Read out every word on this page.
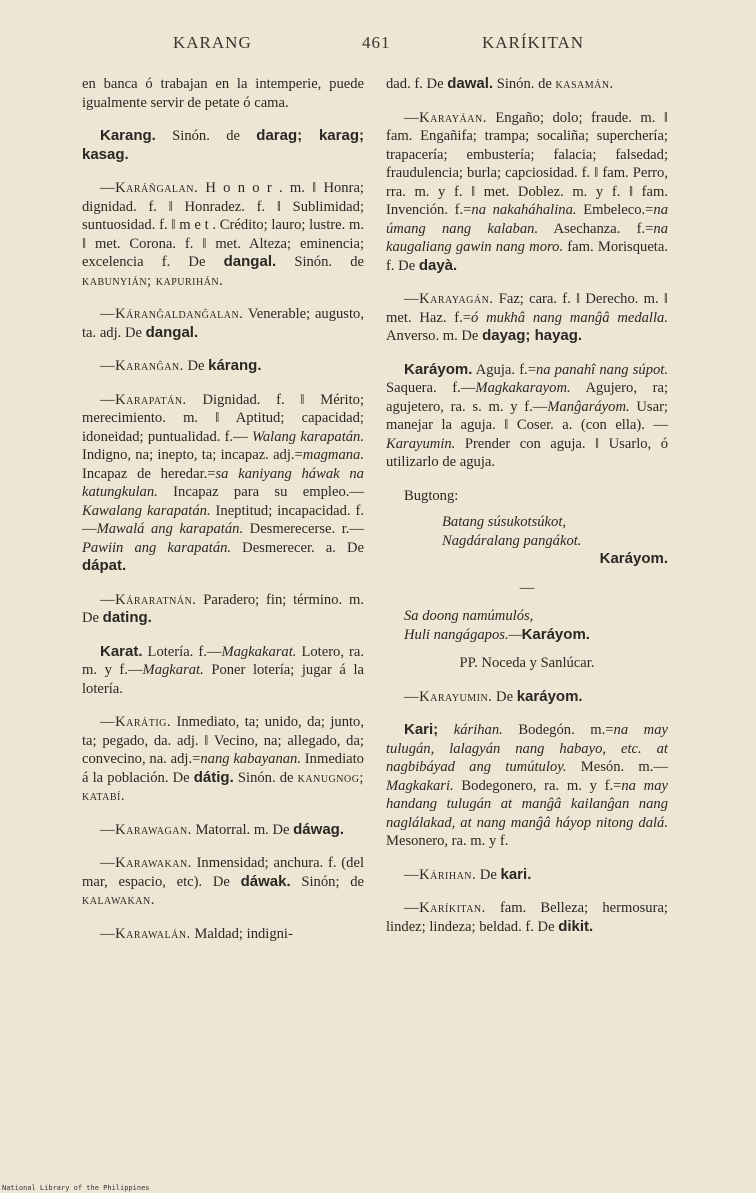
KARANG	461	KARÍKITAN

en banca ó trabajan en la intemperie, puede igualmente servir de petate ó cama.

Karang. Sinón. de darag; karag; kasag.

—Karáñgalan. H o n o r . m. ‖ Honra; dignidad. f. ‖ Honradez. f. ‖ Sublimidad; suntuosidad. f. ‖ m e t . Crédito; lauro; lustre. m. ‖ met. Corona. f. ‖ met. Alteza; eminencia; excelencia f. De dangal. Sinón. de kabunyián; kapurihán.

—Káranĝaldanĝalan. Venerable; augusto, ta. adj. De dangal.

—Karanĝan. De kárang.

—Karapatán. Dignidad. f. ‖ Mérito; merecimiento. m. ‖ Aptitud; capacidad; idoneidad; puntualidad. f.— Walang karapatán. Indigno, na; inepto, ta; incapaz. adj.=magmana. Incapaz de heredar.=sa kaniyang háwak na katungkulan. Incapaz para su empleo.—Kawalang karapatán. Ineptitud; incapacidad. f.—Mawalá ang karapatán. Desmerecerse. r.—Pawiin ang karapatán. Desmerecer. a. De dápat.

—Káraratnán. Paradero; fin; término. m. De dating.

Karat. Lotería. f.—Magkakarat. Lotero, ra. m. y f.—Magkarat. Poner lotería; jugar á la lotería.

—Karátig. Inmediato, ta; unido, da; junto, ta; pegado, da. adj. ‖ Vecino, na; allegado, da; convecino, na. adj.=nang kabayanan. Inmediato á la población. De dátig. Sinón. de kanugnog; katabí.

—Karawagan. Matorral. m. De dáwag.

—Karawakan. Inmensidad; anchura. f. (del mar, espacio, etc). De dáwak. Sinón; de kalawakan.

—Karawalán. Maldad; indigni-

dad. f. De dawal. Sinón. de kasamán.

—Karayáan. Engaño; dolo; fraude. m. ‖ fam. Engañifa; trampa; socaliña; superchería; trapacería; embustería; falacia; falsedad; fraudulencia; burla; capciosidad. f. ‖ fam. Perro, rra. m. y f. ‖ met. Doblez. m. y f. ‖ fam. Invención. f.=na nakaháhalina. Embeleco.=na úmang nang kalaban. Asechanza. f.=na kaugaliang gawin nang moro. fam. Morisqueta. f. De dayà.

—Karayagán. Faz; cara. f. ‖ Derecho. m. ‖ met. Haz. f.=ó mukhâ nang manĝâ medalla. Anverso. m. De dayag; hayag.

Karáyom. Aguja. f.=na panahî nang súpot. Saquera. f.—Magkakarayom. Agujero, ra; agujetero, ra. s. m. y f.—Manĝaráyom. Usar; manejar la aguja. ‖ Coser. a. (con ella). —Karayumin. Prender con aguja. ‖ Usarlo, ó utilizarlo de aguja.

Bugtong:

Batang súsukotsúkot,
Nagdáralang pangákot.
Karáyom.
—
Sa doong namúmulós,
Huli nangágapos.—Karáyom.

PP. Noceda y Sanlúcar.

—Karayumin. De karáyom.

Kari; kárihan. Bodegón. m.=na may tulugán, lalagyán nang habayo, etc. at nagbibáyad ang tumútuloy. Mesón. m.—Magkakari. Bodegonero, ra. m. y f.=na may handang tulugán at manĝâ kailanĝan nang naglálakad, at nang manĝâ háyop nitong dalá. Mesonero, ra. m. y f.

—Kárihan. De kari.

—Karíkitan. fam. Belleza; hermosura; lindez; lindeza; beldad. f. De dikit.

National Library of the Philippines
